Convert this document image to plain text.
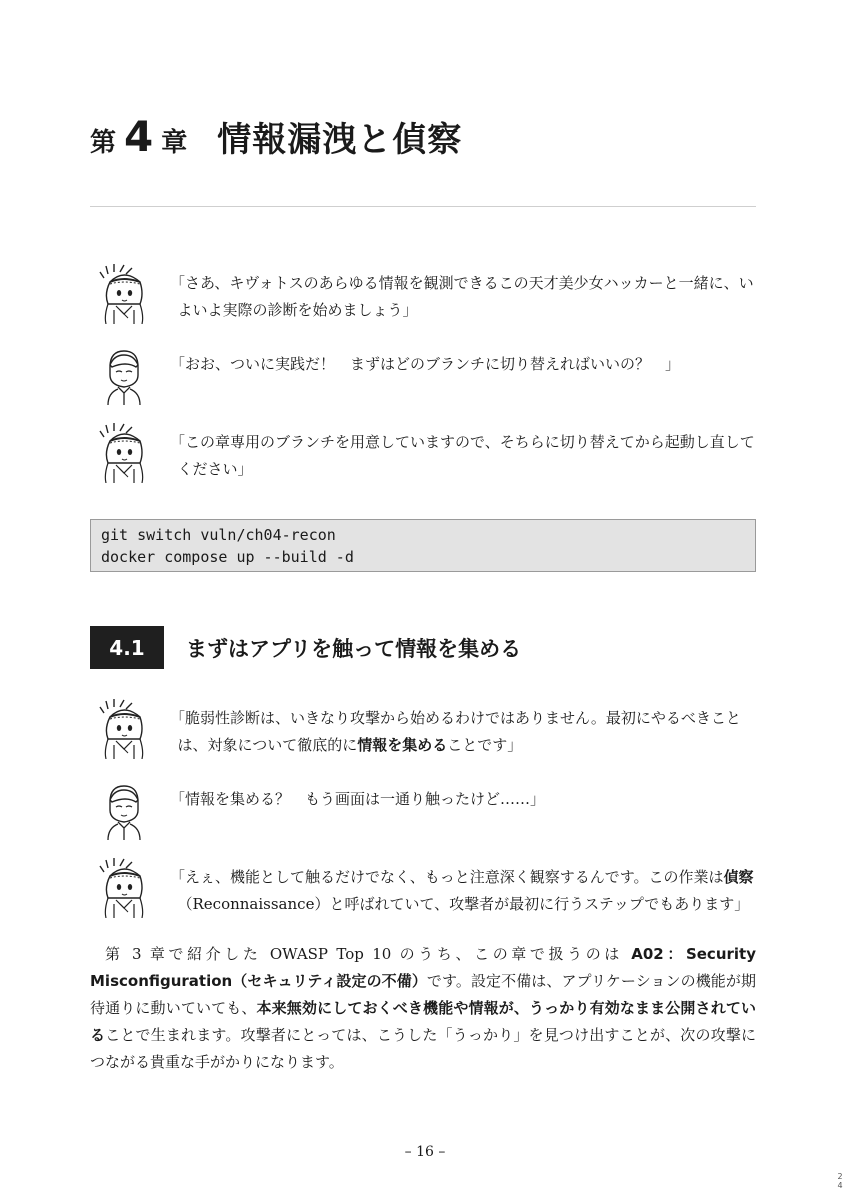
第 4 章 情報漏洩と偵察
「さあ、キヴォトスのあらゆる情報を観測できるこの天才美少女ハッカーと一緒に、いよいよ実際の診断を始めましょう」
「おお、ついに実践だ！　まずはどのブランチに切り替えればいいの？　」
「この章専用のブランチを用意していますので、そちらに切り替えてから起動し直してください」
git switch vuln/ch04-recon
docker compose up --build -d
4.1	まずはアプリを触って情報を集める
「脆弱性診断は、いきなり攻撃から始めるわけではありません。最初にやるべきことは、対象について徹底的に情報を集めることです」
「情報を集める？　もう画面は一通り触ったけど……」
「えぇ、機能として触るだけでなく、もっと注意深く観察するんです。この作業は偵察（Reconnaissance）と呼ばれていて、攻撃者が最初に行うステップでもあります」
第 3 章で紹介した OWASP Top 10 のうち、この章で扱うのは A02：Security Misconfiguration（セキュリティ設定の不備）です。設定不備は、アプリケーションの機能が期待通りに動いていても、本来無効にしておくべき機能や情報が、うっかり有効なまま公開されていることで生まれます。攻撃者にとっては、こうした「うっかり」を見つけ出すことが、次の攻撃につながる貴重な手がかりになります。
– 16 –
2 4
